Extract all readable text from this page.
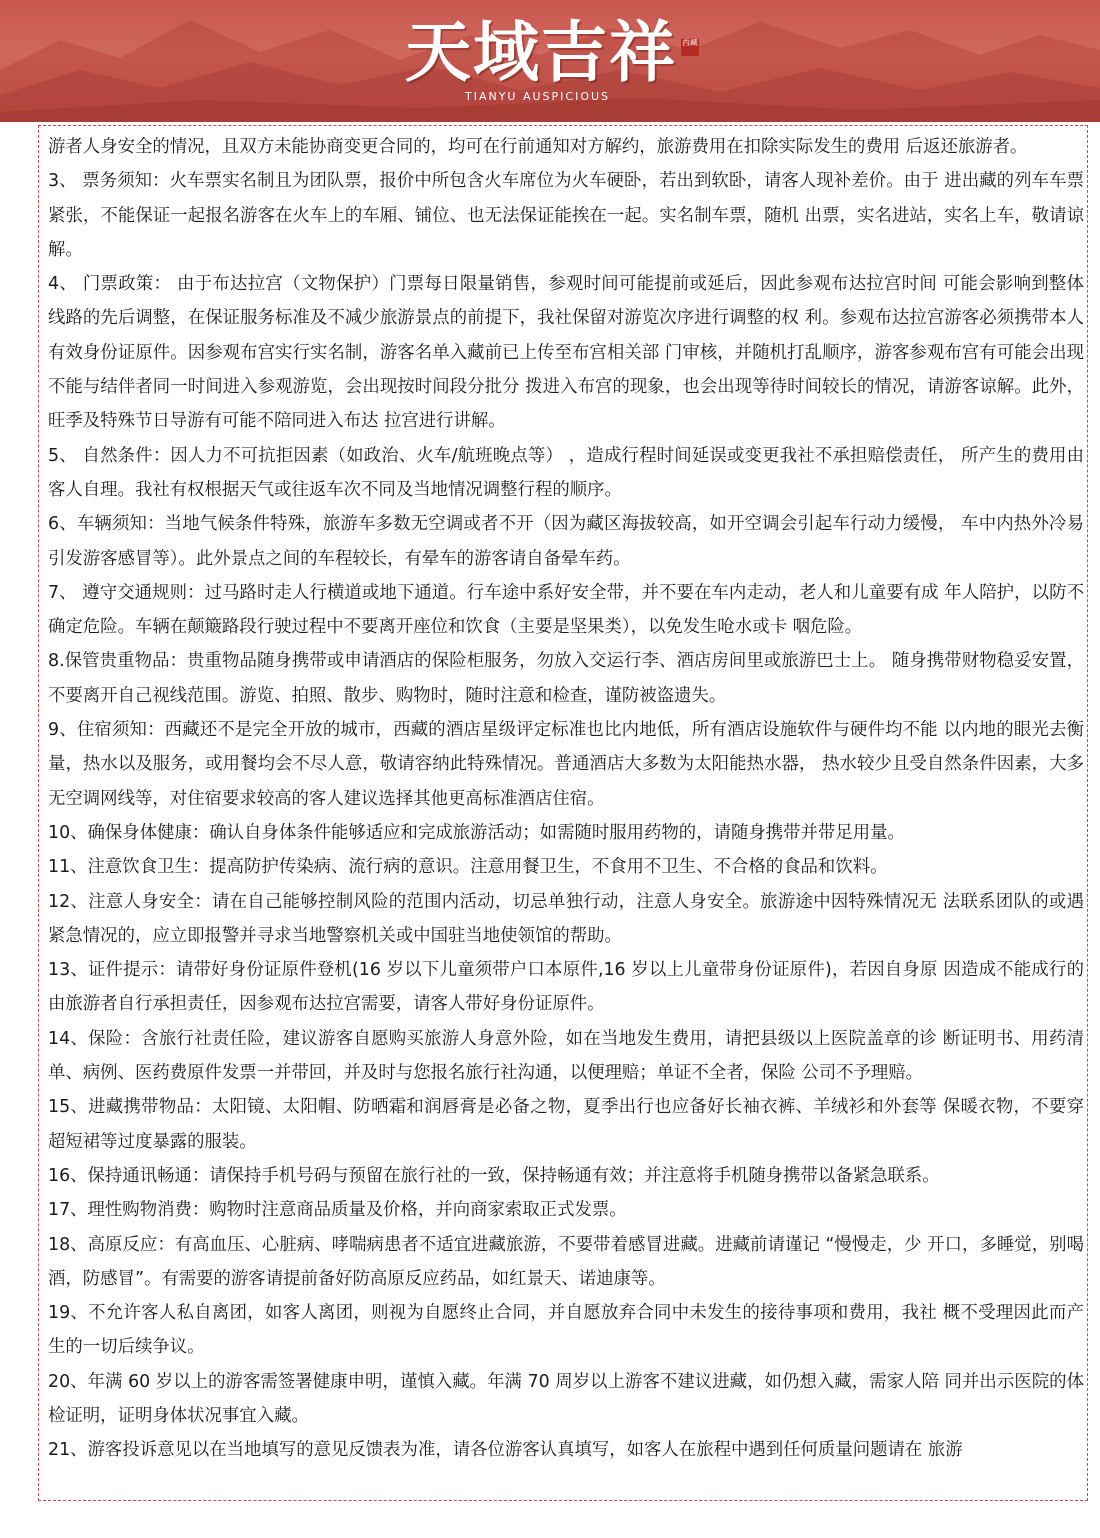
天域吉祥 西藏
TIANYU AUSPICIOUS

游者人身安全的情况，且双方未能协商变更合同的，均可在行前通知对方解约，旅游费用在扣除实际发生的费用 后返还旅游者。

3、 票务须知：火车票实名制且为团队票，报价中所包含火车席位为火车硬卧，若出到软卧，请客人现补差价。由于 进出藏的列车车票紧张，不能保证一起报名游客在火车上的车厢、铺位、也无法保证能挨在一起。实名制车票，随机 出票，实名进站，实名上车，敬请谅解。

4、 门票政策： 由于布达拉宫（文物保护）门票每日限量销售，参观时间可能提前或延后，因此参观布达拉宫时间 可能会影响到整体线路的先后调整，在保证服务标准及不减少旅游景点的前提下，我社保留对游览次序进行调整的权 利。参观布达拉宫游客必须携带本人有效身份证原件。因参观布宫实行实名制，游客名单入藏前已上传至布宫相关部 门审核，并随机打乱顺序，游客参观布宫有可能会出现不能与结伴者同一时间进入参观游览，会出现按时间段分批分 拨进入布宫的现象，也会出现等待时间较长的情况，请游客谅解。此外，旺季及特殊节日导游有可能不陪同进入布达 拉宫进行讲解。

5、 自然条件：因人力不可抗拒因素（如政治、火车/航班晚点等） ，造成行程时间延误或变更我社不承担赔偿责任， 所产生的费用由客人自理。我社有权根据天气或往返车次不同及当地情况调整行程的顺序。

6、车辆须知：当地气候条件特殊，旅游车多数无空调或者不开（因为藏区海拔较高，如开空调会引起车行动力缓慢， 车中内热外冷易引发游客感冒等）。此外景点之间的车程较长，有晕车的游客请自备晕车药。

7、 遵守交通规则：过马路时走人行横道或地下通道。行车途中系好安全带，并不要在车内走动，老人和儿童要有成 年人陪护，以防不确定危险。车辆在颠簸路段行驶过程中不要离开座位和饮食（主要是坚果类），以免发生呛水或卡 咽危险。

8.保管贵重物品：贵重物品随身携带或申请酒店的保险柜服务，勿放入交运行李、酒店房间里或旅游巴士上。 随身携带财物稳妥安置，不要离开自己视线范围。游览、拍照、散步、购物时，随时注意和检查，谨防被盗遗失。

9、住宿须知：西藏还不是完全开放的城市，西藏的酒店星级评定标准也比内地低，所有酒店设施软件与硬件均不能 以内地的眼光去衡量，热水以及服务，或用餐均会不尽人意，敬请容纳此特殊情况。普通酒店大多数为太阳能热水器， 热水较少且受自然条件因素，大多无空调网线等，对住宿要求较高的客人建议选择其他更高标准酒店住宿。

10、确保身体健康：确认自身体条件能够适应和完成旅游活动；如需随时服用药物的，请随身携带并带足用量。

11、注意饮食卫生：提高防护传染病、流行病的意识。注意用餐卫生，不食用不卫生、不合格的食品和饮料。

12、注意人身安全：请在自己能够控制风险的范围内活动，切忌单独行动，注意人身安全。旅游途中因特殊情况无 法联系团队的或遇紧急情况的，应立即报警并寻求当地警察机关或中国驻当地使领馆的帮助。

13、证件提示：请带好身份证原件登机(16 岁以下儿童须带户口本原件,16 岁以上儿童带身份证原件)，若因自身原 因造成不能成行的由旅游者自行承担责任，因参观布达拉宫需要，请客人带好身份证原件。

14、保险：含旅行社责任险，建议游客自愿购买旅游人身意外险，如在当地发生费用，请把县级以上医院盖章的诊 断证明书、用药清单、病例、医药费原件发票一并带回，并及时与您报名旅行社沟通，以便理赔；单证不全者，保险 公司不予理赔。

15、进藏携带物品：太阳镜、太阳帽、防晒霜和润唇膏是必备之物，夏季出行也应备好长袖衣裤、羊绒衫和外套等 保暖衣物，不要穿超短裙等过度暴露的服装。

16、保持通讯畅通：请保持手机号码与预留在旅行社的一致，保持畅通有效；并注意将手机随身携带以备紧急联系。

17、理性购物消费：购物时注意商品质量及价格，并向商家索取正式发票。

18、高原反应：有高血压、心脏病、哮喘病患者不适宜进藏旅游，不要带着感冒进藏。进藏前请谨记 “慢慢走，少 开口，多睡觉，别喝酒，防感冒”。有需要的游客请提前备好防高原反应药品，如红景天、诺迪康等。

19、不允许客人私自离团，如客人离团，则视为自愿终止合同，并自愿放弃合同中未发生的接待事项和费用，我社 概不受理因此而产生的一切后续争议。

20、年满 60 岁以上的游客需签署健康申明，谨慎入藏。年满 70 周岁以上游客不建议进藏，如仍想入藏，需家人陪 同并出示医院的体检证明，证明身体状况事宜入藏。

21、游客投诉意见以在当地填写的意见反馈表为准，请各位游客认真填写，如客人在旅程中遇到任何质量问题请在 旅游
